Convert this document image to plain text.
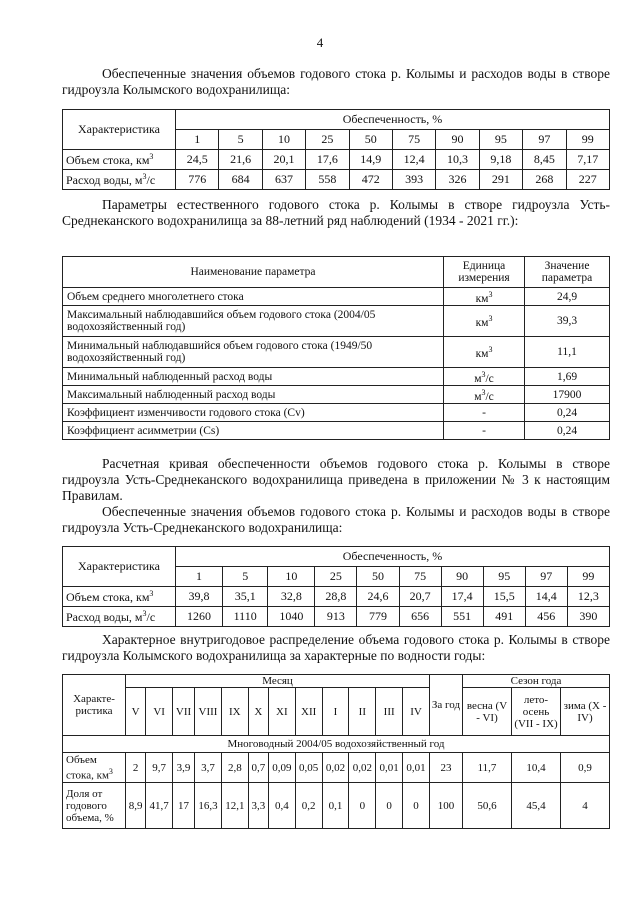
4
Обеспеченные значения объемов годового стока р. Колымы и расходов воды в створе гидроузла Колымского водохранилища:
Характеристика	Обеспеченность, %									
	1	5	10	25	50	75	90	95	97	99
Объем стока, $км^3$	24,5	21,6	20,1	17,6	14,9	12,4	10,3	9,18	8,45	7,17
Расход воды, $м^3/с$	776	684	637	558	472	393	326	291	268	227
Параметры естественного годового стока р. Колымы в створе гидроузла Усть-Среднеканского водохранилища за 88-летний ряд наблюдений (1934 - 2021 гг.):
Наименование параметра	Единица измерения	Значение параметра
Объем среднего многолетнего стока	$км^3$	24,9
Максимальный наблюдавшийся объем годового стока (2004/05 водохозяйственный год)	$км^3$	39,3
Минимальный наблюдавшийся объем годового стока (1949/50 водохозяйственный год)	$км^3$	11,1
Минимальный наблюденный расход воды	$м^3/с$	1,69
Максимальный наблюденный расход воды	$м^3/с$	17900
Коэффициент изменчивости годового стока (Cv)	-	0,24
Коэффициент асимметрии (Cs)	-	0,24
Расчетная кривая обеспеченности объемов годового стока р. Колымы в створе гидроузла Усть-Среднеканского водохранилища приведена в приложении № 3 к настоящим Правилам.
Обеспеченные значения объемов годового стока р. Колымы и расходов воды в створе гидроузла Усть-Среднеканского водохранилища:
Характеристика	Обеспеченность, %									
	1	5	10	25	50	75	90	95	97	99
Объем стока, $км^3$	39,8	35,1	32,8	28,8	24,6	20,7	17,4	15,5	14,4	12,3
Расход воды, $м^3/с$	1260	1110	1040	913	779	656	551	491	456	390
Характерное внутригодовое распределение объема годового стока р. Колымы в створе гидроузла Колымского водохранилища за характерные по водности годы:
Характе-ристика	Месяц												За год	Сезон года		
	V	VI	VII	VIII	IX	X	XI	XII	I	II	III	IV		весна (V - VI)	лето-осень (VII - IX)	зима (X - IV)
Многоводный 2004/05 водохозяйственный год																
Объем стока, $км^3$	2	9,7	3,9	3,7	2,8	0,7	0,09	0,05	0,02	0,02	0,01	0,01	23	11,7	10,4	0,9
Доля от годового объема, %	8,9	41,7	17	16,3	12,1	3,3	0,4	0,2	0,1	0	0	0	100	50,6	45,4	4
